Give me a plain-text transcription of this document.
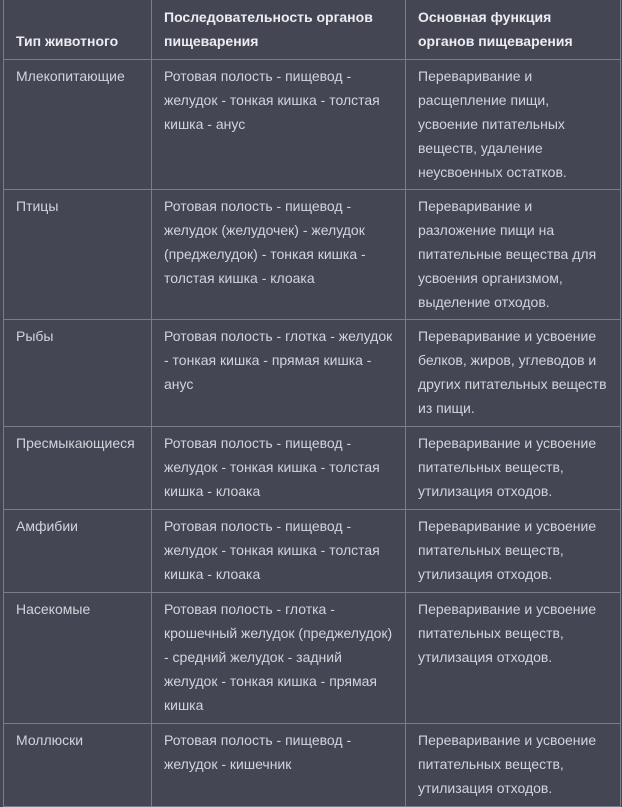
Тип животного	Последовательность органов пищеварения	Основная функция органов пищеварения
Млекопитающие	Ротовая полость - пищевод - желудок - тонкая кишка - толстая кишка - анус	Переваривание и расщепление пищи, усвоение питательных веществ, удаление неусвоенных остатков.
Птицы	Ротовая полость - пищевод - желудок (желудочек) - желудок (преджелудок) - тонкая кишка - толстая кишка - клоака	Переваривание и разложение пищи на питательные вещества для усвоения организмом, выделение отходов.
Рыбы	Ротовая полость - глотка - желудок - тонкая кишка - прямая кишка - анус	Переваривание и усвоение белков, жиров, углеводов и других питательных веществ из пищи.
Пресмыкающиеся	Ротовая полость - пищевод - желудок - тонкая кишка - толстая кишка - клоака	Переваривание и усвоение питательных веществ, утилизация отходов.
Амфибии	Ротовая полость - пищевод - желудок - тонкая кишка - толстая кишка - клоака	Переваривание и усвоение питательных веществ, утилизация отходов.
Насекомые	Ротовая полость - глотка - крошечный желудок (преджелудок) - средний желудок - задний желудок - тонкая кишка - прямая кишка	Переваривание и усвоение питательных веществ, утилизация отходов.
Моллюски	Ротовая полость - пищевод - желудок - кишечник	Переваривание и усвоение питательных веществ, утилизация отходов.
